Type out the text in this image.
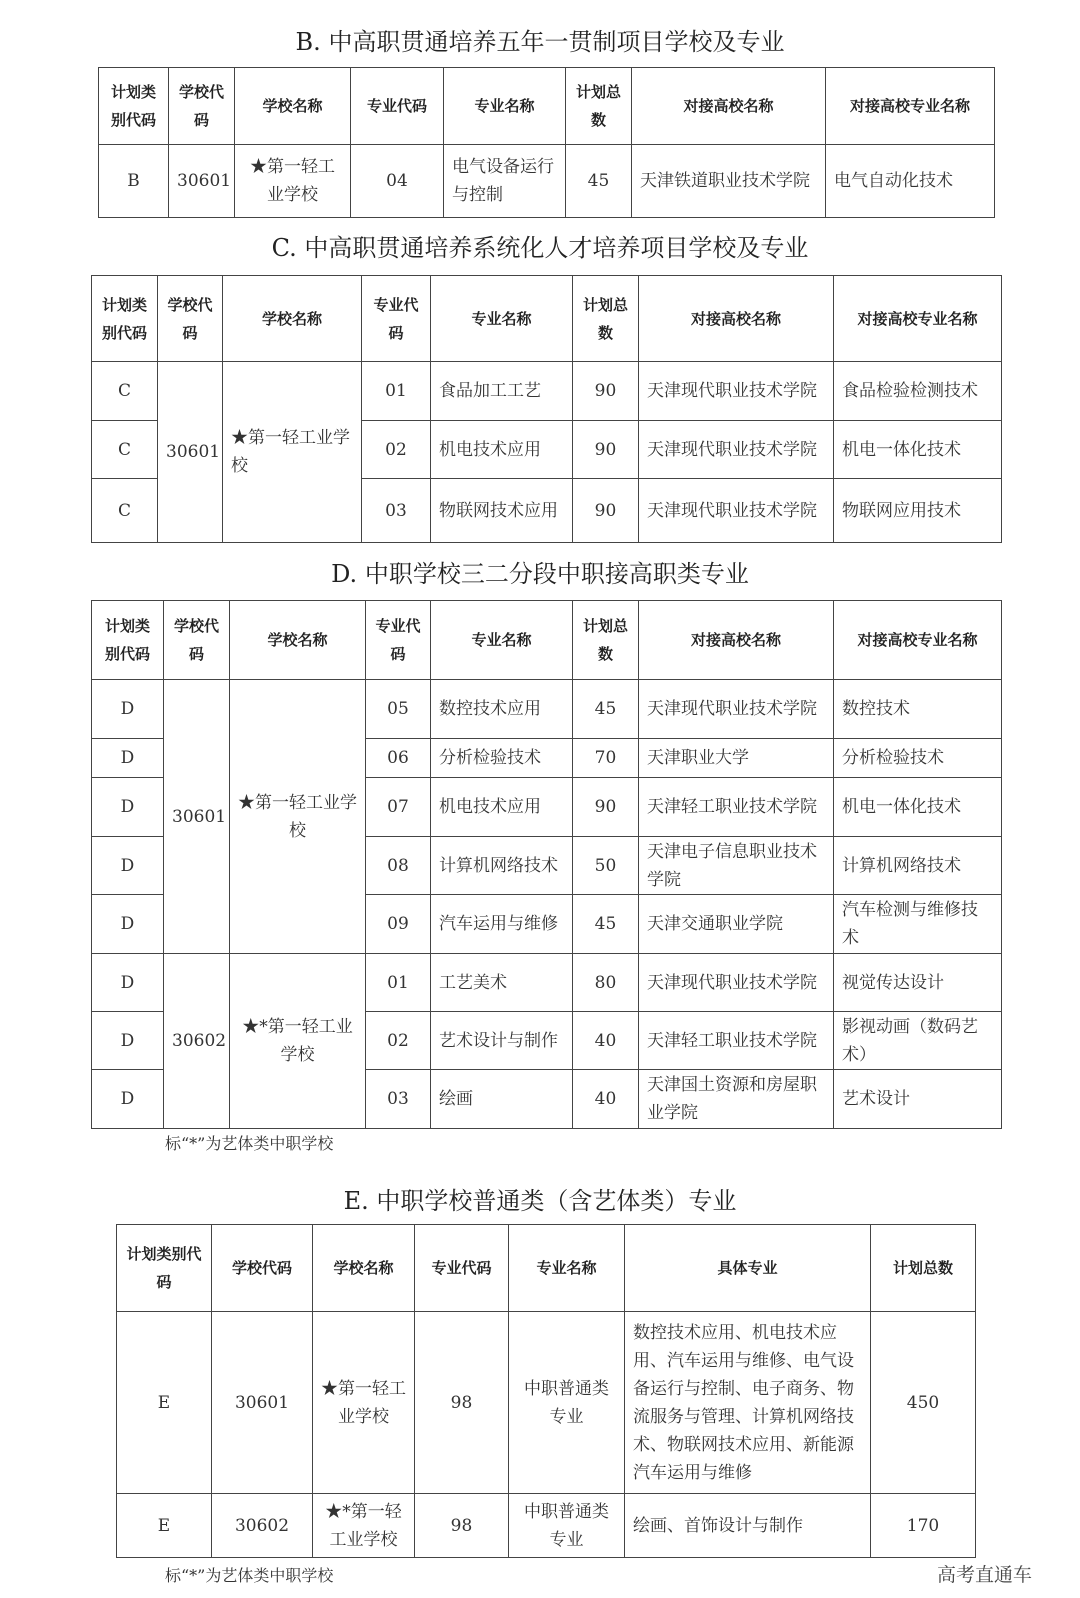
B. 中高职贯通培养五年一贯制项目学校及专业
计划类别代码	学校代码	学校名称	专业代码	专业名称	计划总数	对接高校名称	对接高校专业名称
B	30601	★第一轻工业学校	04	电气设备运行与控制	45	天津铁道职业技术学院	电气自动化技术
C. 中高职贯通培养系统化人才培养项目学校及专业
计划类别代码	学校代码	学校名称	专业代码	专业名称	计划总数	对接高校名称	对接高校专业名称
C	30601	★第一轻工业学校	01	食品加工工艺	90	天津现代职业技术学院	食品检验检测技术
C			02	机电技术应用	90	天津现代职业技术学院	机电一体化技术
C			03	物联网技术应用	90	天津现代职业技术学院	物联网应用技术
D. 中职学校三二分段中职接高职类专业
计划类别代码	学校代码	学校名称	专业代码	专业名称	计划总数	对接高校名称	对接高校专业名称
D	30601	★第一轻工业学校	05	数控技术应用	45	天津现代职业技术学院	数控技术
D			06	分析检验技术	70	天津职业大学	分析检验技术
D			07	机电技术应用	90	天津轻工职业技术学院	机电一体化技术
D			08	计算机网络技术	50	天津电子信息职业技术学院	计算机网络技术
D			09	汽车运用与维修	45	天津交通职业学院	汽车检测与维修技术
D	30602	★*第一轻工业学校	01	工艺美术	80	天津现代职业技术学院	视觉传达设计
D			02	艺术设计与制作	40	天津轻工职业技术学院	影视动画（数码艺术）
D			03	绘画	40	天津国土资源和房屋职业学院	艺术设计
标“*”为艺体类中职学校
E. 中职学校普通类（含艺体类）专业
计划类别代码	学校代码	学校名称	专业代码	专业名称	具体专业	计划总数
E	30601	★第一轻工业学校	98	中职普通类专业	数控技术应用、机电技术应用、汽车运用与维修、电气设备运行与控制、电子商务、物流服务与管理、计算机网络技术、物联网技术应用、新能源汽车运用与维修	450
E	30602	★*第一轻工业学校	98	中职普通类专业	绘画、首饰设计与制作	170
标“*”为艺体类中职学校	高考直通车
